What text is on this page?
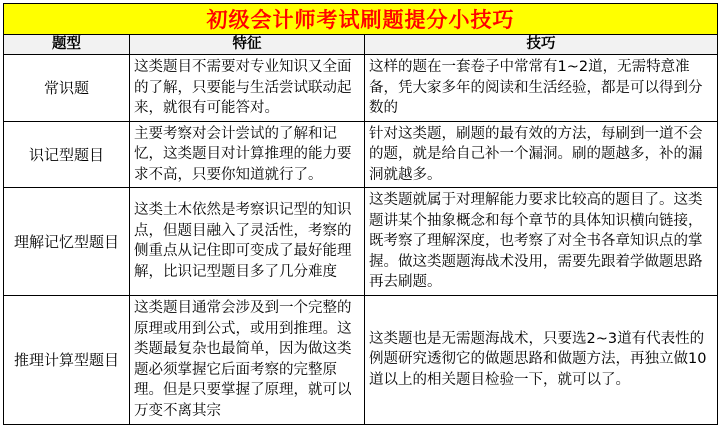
初级会计师考试刷题提分小技巧		
题型	特征	技巧
常识题	这类题目不需要对专业知识又全面的了解，只要能与生活尝试联动起来，就很有可能答对。	这样的题在一套卷子中常常有1~2道，无需特意准备，凭大家多年的阅读和生活经验，都是可以得到分数的
识记型题目	主要考察对会计尝试的了解和记忆，这类题目对计算推理的能力要求不高，只要你知道就行了。	针对这类题，刷题的最有效的方法，每刷到一道不会的题，就是给自己补一个漏洞。刷的题越多，补的漏洞就越多。
理解记忆型题目	这类土木依然是考察识记型的知识点，但题目融入了灵活性，考察的侧重点从记住即可变成了最好能理解，比识记型题目多了几分难度	这类题就属于对理解能力要求比较高的题目了。这类题讲某个抽象概念和每个章节的具体知识横向链接，既考察了理解深度，也考察了对全书各章知识点的掌握。做这类题题海战术没用，需要先跟着学做题思路再去刷题。
推理计算型题目	这类题目通常会涉及到一个完整的原理或用到公式，或用到推理。这类题最复杂也最简单，因为做这类题必须掌握它后面考察的完整原理。但是只要掌握了原理，就可以万变不离其宗	这类题也是无需题海战术，只要选2~3道有代表性的例题研究透彻它的做题思路和做题方法，再独立做10道以上的相关题目检验一下，就可以了。
